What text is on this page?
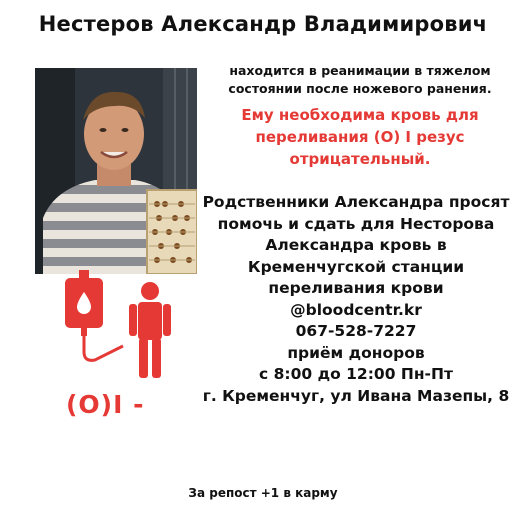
Нестеров Александр Владимирович
находится в реанимации в тяжелом
состоянии после ножевого ранения.
Ему необходима кровь для
переливания (О) I резус
отрицательный.
Родственники Александра просят
помочь и сдать для Несторова
Александра кровь в
Кременчугской станции
переливания крови
@bloodcentr.kr
067-528-7227
приём доноров
с 8:00 до 12:00 Пн-Пт
г. Кременчуг, ул Ивана Мазепы, 8
(O)I -
За репост +1 в карму
